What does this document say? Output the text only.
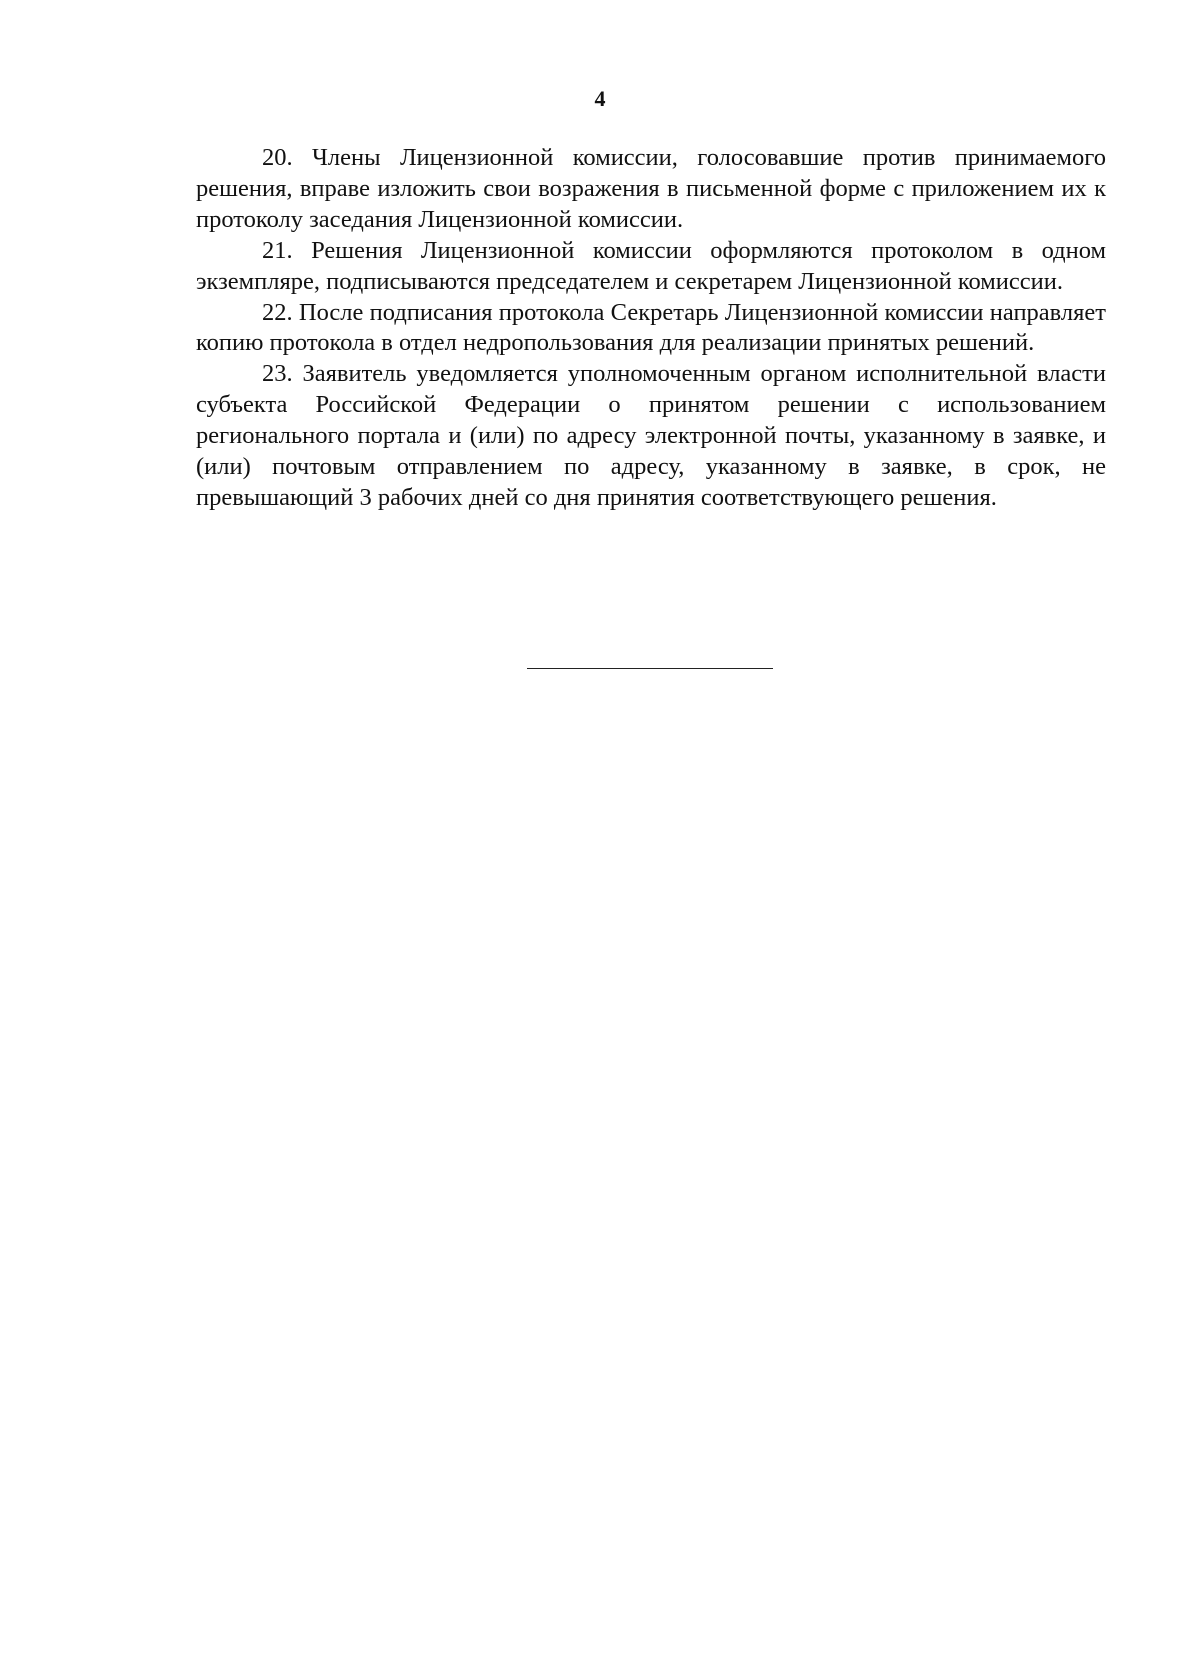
4

20. Члены Лицензионной комиссии, голосовавшие против принимаемого решения, вправе изложить свои возражения в письменной форме с приложением их к протоколу заседания Лицензионной комиссии.

21. Решения Лицензионной комиссии оформляются протоколом в одном экземпляре, подписываются председателем и секретарем Лицензионной комиссии.

22. После подписания протокола Секретарь Лицензионной комиссии направляет копию протокола в отдел недропользования для реализации принятых решений.

23. Заявитель уведомляется уполномоченным органом исполнительной власти субъекта Российской Федерации о принятом решении с использованием регионального портала и (или) по адресу электронной почты, указанному в заявке, и (или) почтовым отправлением по адресу, указанному в заявке, в срок, не превышающий 3 рабочих дней со дня принятия соответствующего решения.
